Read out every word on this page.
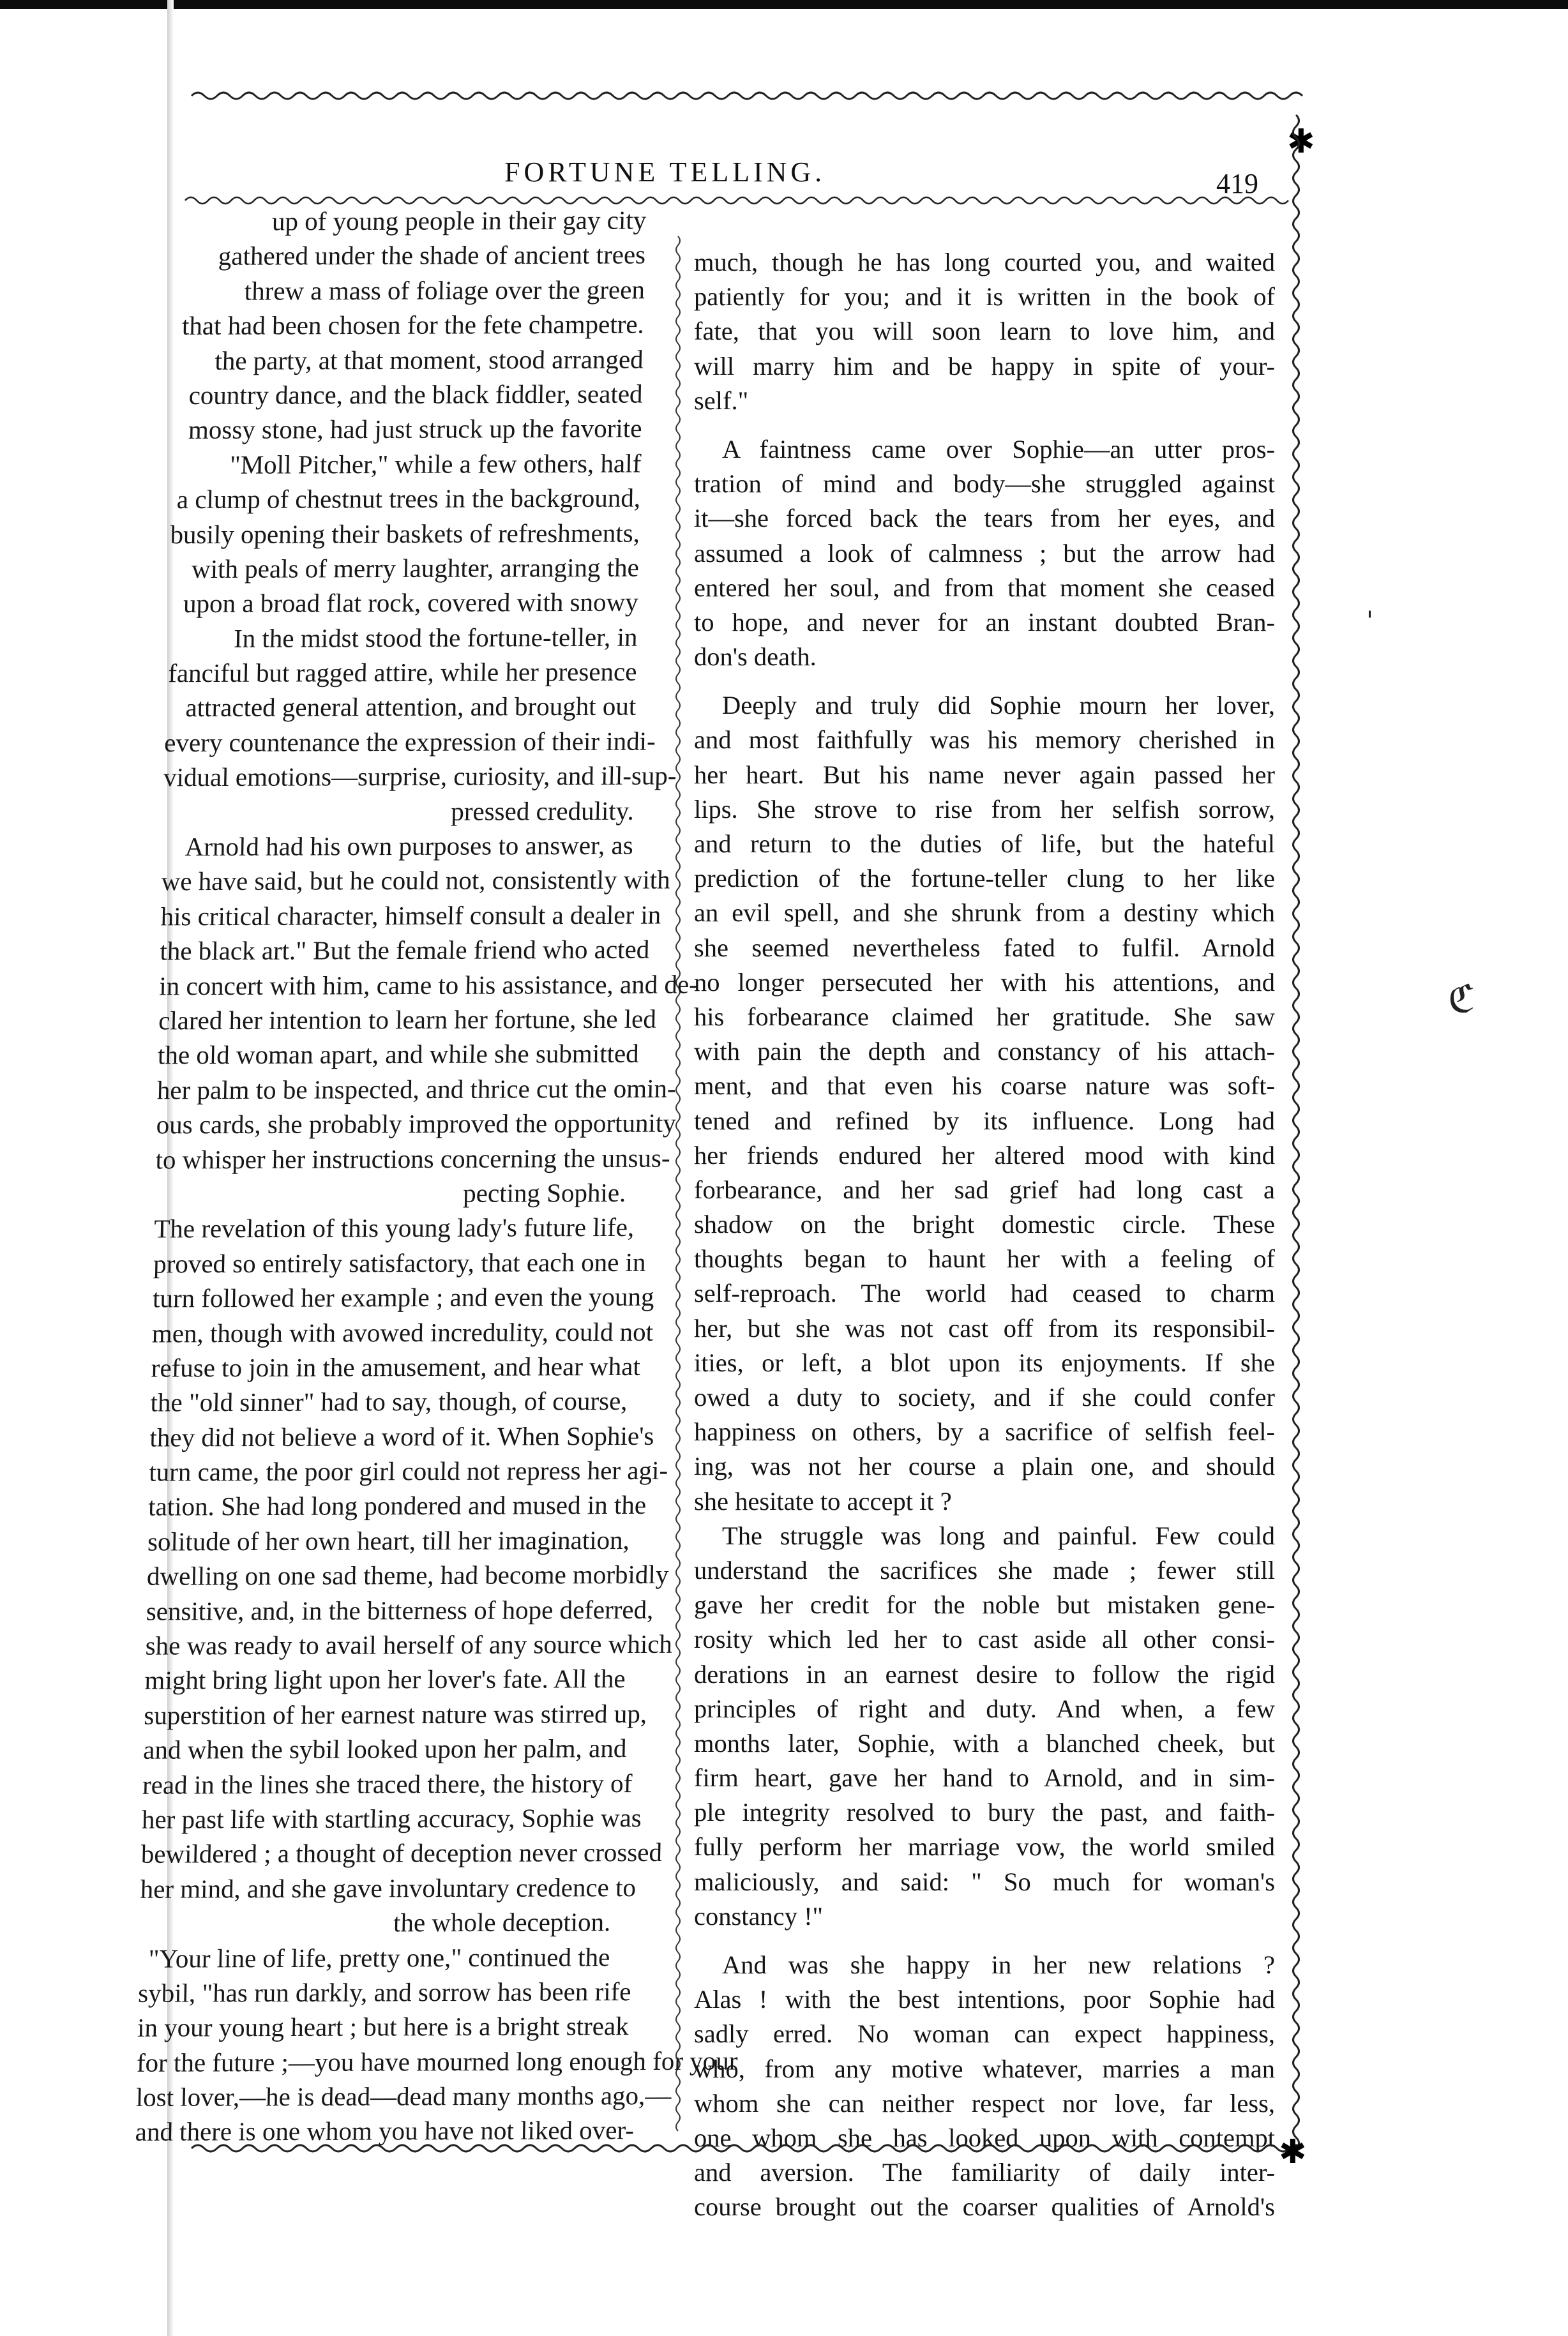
✱
FORTUNE TELLING.	419
up of young people in their gay city
gathered under the shade of ancient trees
threw a mass of foliage over the green
that had been chosen for the fete champetre.
the party, at that moment, stood arranged
country dance, and the black fiddler, seated
mossy stone, had just struck up the favorite
"Moll Pitcher," while a few others, half
a clump of chestnut trees in the background,
busily opening their baskets of refreshments,
with peals of merry laughter, arranging the
upon a broad flat rock, covered with snowy
In the midst stood the fortune-teller, in
fanciful but ragged attire, while her presence
attracted general attention, and brought out
every countenance the expression of their indi-
vidual emotions—surprise, curiosity, and ill-sup-
pressed credulity.
Arnold had his own purposes to answer, as
we have said, but he could not, consistently with
his critical character, himself consult a dealer in
the black art." But the female friend who acted
in concert with him, came to his assistance, and de-
clared her intention to learn her fortune, she led
the old woman apart, and while she submitted
her palm to be inspected, and thrice cut the omin-
ous cards, she probably improved the opportunity
to whisper her instructions concerning the unsus-
pecting Sophie.
The revelation of this young lady's future life,
proved so entirely satisfactory, that each one in
turn followed her example ; and even the young
men, though with avowed incredulity, could not
refuse to join in the amusement, and hear what
the "old sinner" had to say, though, of course,
they did not believe a word of it. When Sophie's
turn came, the poor girl could not repress her agi-
tation. She had long pondered and mused in the
solitude of her own heart, till her imagination,
dwelling on one sad theme, had become morbidly
sensitive, and, in the bitterness of hope deferred,
she was ready to avail herself of any source which
might bring light upon her lover's fate. All the
superstition of her earnest nature was stirred up,
and when the sybil looked upon her palm, and
read in the lines she traced there, the history of
her past life with startling accuracy, Sophie was
bewildered ; a thought of deception never crossed
her mind, and she gave involuntary credence to
the whole deception.
"Your line of life, pretty one," continued the
sybil, "has run darkly, and sorrow has been rife
in your young heart ; but here is a bright streak
for the future ;—you have mourned long enough for your
lost lover,—he is dead—dead many months ago,—
and there is one whom you have not liked over-
much, though he has long courted you, and waited
patiently for you; and it is written in the book of
fate, that you will soon learn to love him, and
will marry him and be happy in spite of your-
self."
A faintness came over Sophie—an utter pros-
tration of mind and body—she struggled against
it—she forced back the tears from her eyes, and
assumed a look of calmness ; but the arrow had
entered her soul, and from that moment she ceased
to hope, and never for an instant doubted Bran-
don's death.
Deeply and truly did Sophie mourn her lover,
and most faithfully was his memory cherished in
her heart. But his name never again passed her
lips. She strove to rise from her selfish sorrow,
and return to the duties of life, but the hateful
prediction of the fortune-teller clung to her like
an evil spell, and she shrunk from a destiny which
she seemed nevertheless fated to fulfil. Arnold
no longer persecuted her with his attentions, and
his forbearance claimed her gratitude. She saw
with pain the depth and constancy of his attach-
ment, and that even his coarse nature was soft-
tened and refined by its influence. Long had
her friends endured her altered mood with kind
forbearance, and her sad grief had long cast a
shadow on the bright domestic circle. These
thoughts began to haunt her with a feeling of
self-reproach. The world had ceased to charm
her, but she was not cast off from its responsibil-
ities, or left, a blot upon its enjoyments. If she
owed a duty to society, and if she could confer
happiness on others, by a sacrifice of selfish feel-
ing, was not her course a plain one, and should
she hesitate to accept it ?
The struggle was long and painful. Few could
understand the sacrifices she made ; fewer still
gave her credit for the noble but mistaken gene-
rosity which led her to cast aside all other consi-
derations in an earnest desire to follow the rigid
principles of right and duty. And when, a few
months later, Sophie, with a blanched cheek, but
firm heart, gave her hand to Arnold, and in sim-
ple integrity resolved to bury the past, and faith-
fully perform her marriage vow, the world smiled
maliciously, and said: " So much for woman's
constancy !"
And was she happy in her new relations ?
Alas ! with the best intentions, poor Sophie had
sadly erred. No woman can expect happiness,
who, from any motive whatever, marries a man
whom she can neither respect nor love, far less,
one whom she has looked upon with contempt
and aversion. The familiarity of daily inter-
course brought out the coarser qualities of Arnold's
✱
ꞌ
ℭ
